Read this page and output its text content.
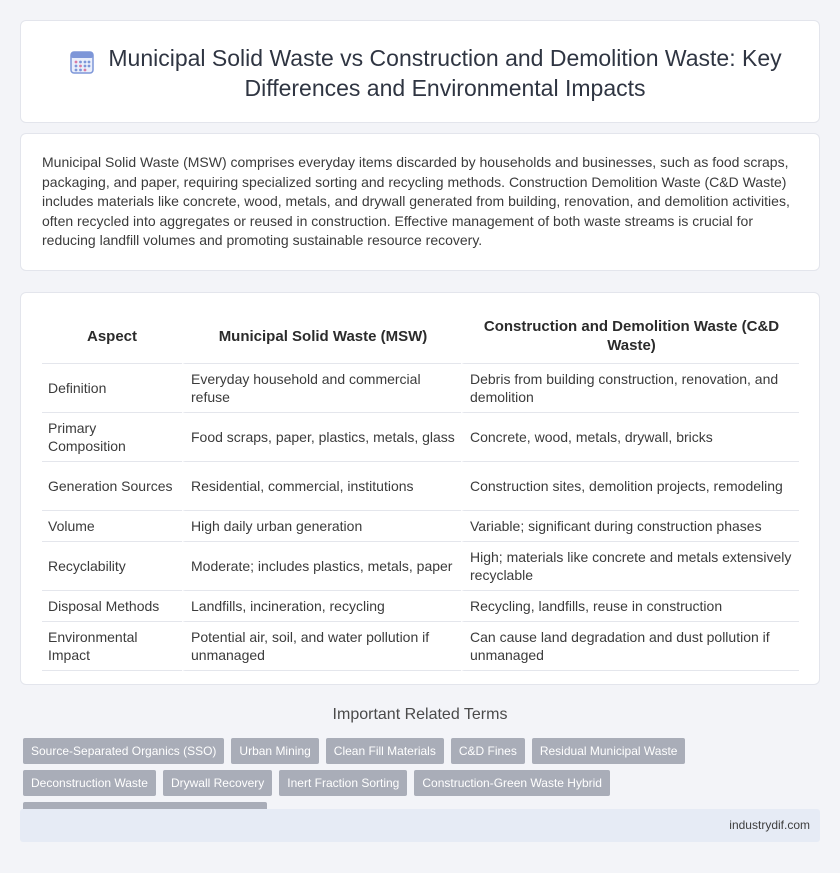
Municipal Solid Waste vs Construction and Demolition Waste: Key Differences and Environmental Impacts

Municipal Solid Waste (MSW) comprises everyday items discarded by households and businesses, such as food scraps, packaging, and paper, requiring specialized sorting and recycling methods. Construction Demolition Waste (C&D Waste) includes materials like concrete, wood, metals, and drywall generated from building, renovation, and demolition activities, often recycled into aggregates or reused in construction. Effective management of both waste streams is crucial for reducing landfill volumes and promoting sustainable resource recovery.

Aspect	Municipal Solid Waste (MSW)	Construction and Demolition Waste (C&D Waste)
Definition	Everyday household and commercial refuse	Debris from building construction, renovation, and demolition
Primary Composition	Food scraps, paper, plastics, metals, glass	Concrete, wood, metals, drywall, bricks
Generation Sources	Residential, commercial, institutions	Construction sites, demolition projects, remodeling
Volume	High daily urban generation	Variable; significant during construction phases
Recyclability	Moderate; includes plastics, metals, paper	High; materials like concrete and metals extensively recyclable
Disposal Methods	Landfills, incineration, recycling	Recycling, landfills, reuse in construction
Environmental Impact	Potential air, soil, and water pollution if unmanaged	Can cause land degradation and dust pollution if unmanaged
Important Related Terms
Source-Separated Organics (SSO)	Urban Mining	Clean Fill Materials	C&D Fines	Residual Municipal Waste
Deconstruction Waste	Drywall Recovery	Inert Fraction Sorting	Construction-Green Waste Hybrid
industrydif.com
